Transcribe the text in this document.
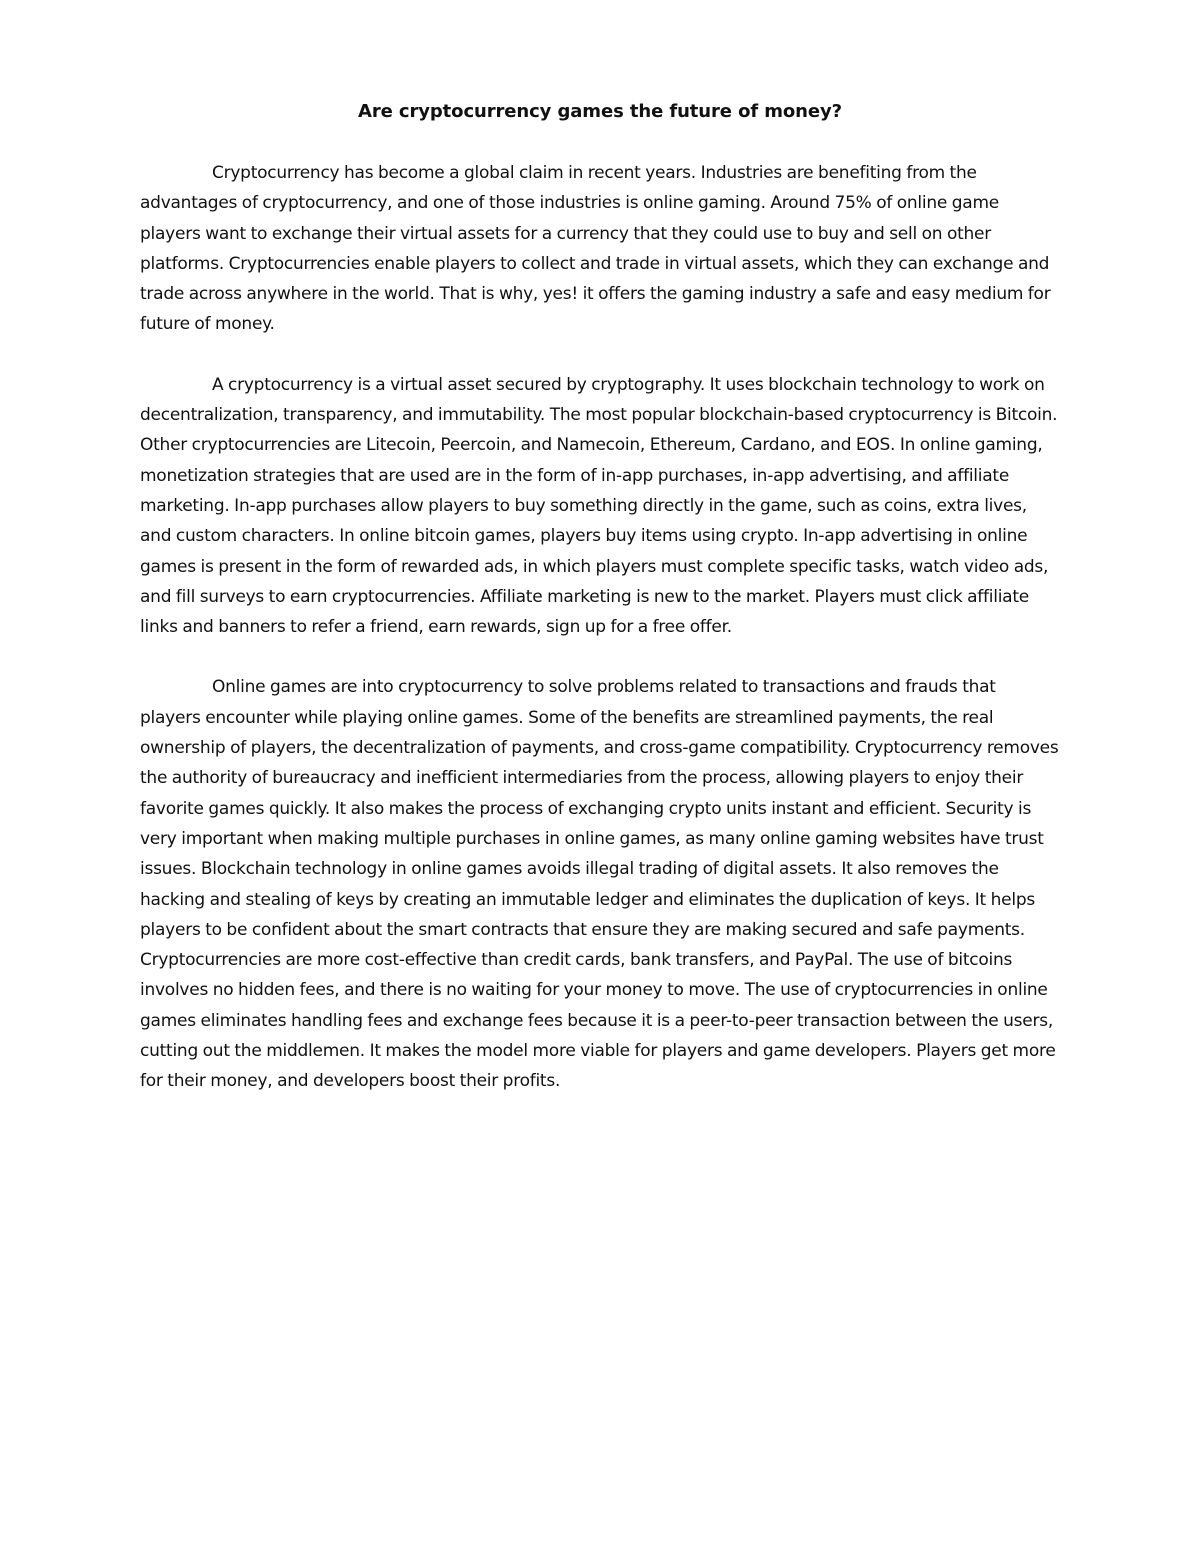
Are cryptocurrency games the future of money?

Cryptocurrency has become a global claim in recent years. Industries are benefiting from the advantages of cryptocurrency, and one of those industries is online gaming. Around 75% of online game players want to exchange their virtual assets for a currency that they could use to buy and sell on other platforms. Cryptocurrencies enable players to collect and trade in virtual assets, which they can exchange and trade across anywhere in the world. That is why, yes! it offers the gaming industry a safe and easy medium for future of money.

A cryptocurrency is a virtual asset secured by cryptography. It uses blockchain technology to work on decentralization, transparency, and immutability. The most popular blockchain-based cryptocurrency is Bitcoin. Other cryptocurrencies are Litecoin, Peercoin, and Namecoin, Ethereum, Cardano, and EOS. In online gaming, monetization strategies that are used are in the form of in-app purchases, in-app advertising, and affiliate marketing. In-app purchases allow players to buy something directly in the game, such as coins, extra lives, and custom characters. In online bitcoin games, players buy items using crypto. In-app advertising in online games is present in the form of rewarded ads, in which players must complete specific tasks, watch video ads, and fill surveys to earn cryptocurrencies. Affiliate marketing is new to the market. Players must click affiliate links and banners to refer a friend, earn rewards, sign up for a free offer.

Online games are into cryptocurrency to solve problems related to transactions and frauds that players encounter while playing online games. Some of the benefits are streamlined payments, the real ownership of players, the decentralization of payments, and cross-game compatibility. Cryptocurrency removes the authority of bureaucracy and inefficient intermediaries from the process, allowing players to enjoy their favorite games quickly. It also makes the process of exchanging crypto units instant and efficient. Security is very important when making multiple purchases in online games, as many online gaming websites have trust issues. Blockchain technology in online games avoids illegal trading of digital assets. It also removes the hacking and stealing of keys by creating an immutable ledger and eliminates the duplication of keys. It helps players to be confident about the smart contracts that ensure they are making secured and safe payments. Cryptocurrencies are more cost-effective than credit cards, bank transfers, and PayPal. The use of bitcoins involves no hidden fees, and there is no waiting for your money to move. The use of cryptocurrencies in online games eliminates handling fees and exchange fees because it is a peer-to-peer transaction between the users, cutting out the middlemen. It makes the model more viable for players and game developers. Players get more for their money, and developers boost their profits.
